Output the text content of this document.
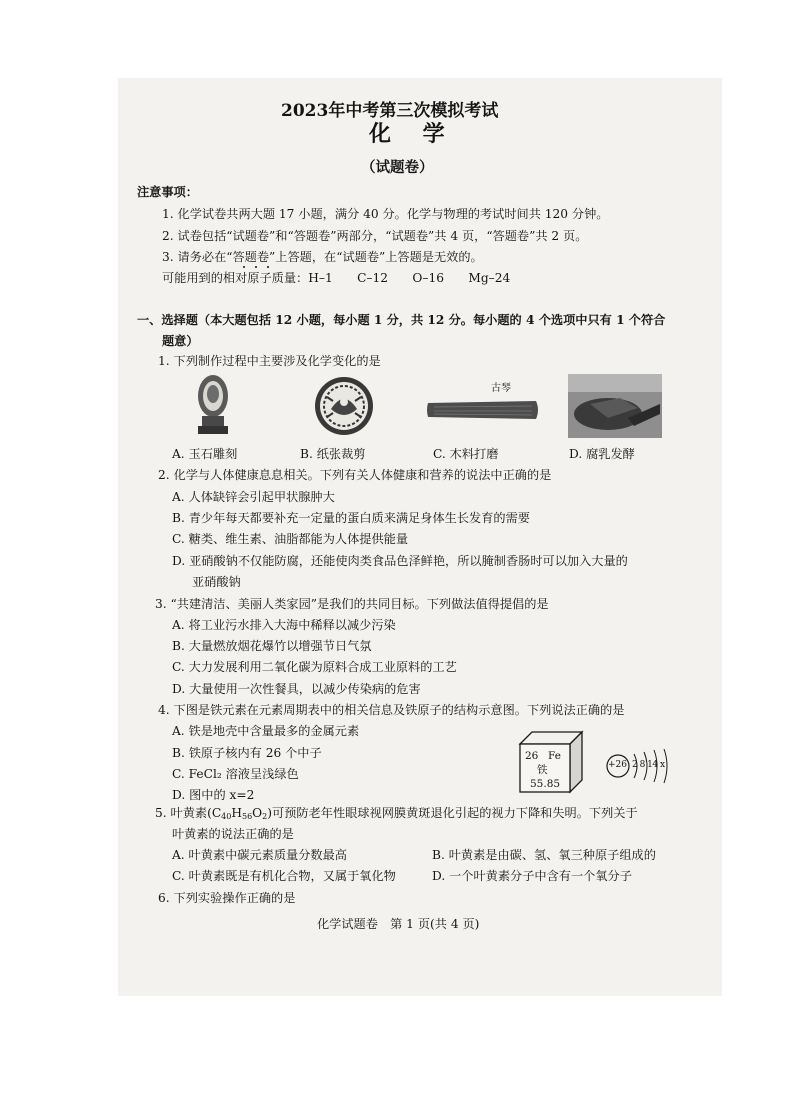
2023年中考第三次模拟考试
化 学
（试题卷）
注意事项：
1. 化学试卷共两大题 17 小题，满分 40 分。化学与物理的考试时间共 120 分钟。
2. 试卷包括“试题卷”和“答题卷”两部分，“试题卷”共 4 页，“答题卷”共 2 页。
3. 请务必在“答题卷”上答题，在“试题卷”上答题是无效的。
可能用到的相对原子质量：H–1　　C–12　　O–16　　Mg–24
一、选择题（本大题包括 12 小题，每小题 1 分，共 12 分。每小题的 4 个选项中只有 1 个符合
题意）
1. 下列制作过程中主要涉及化学变化的是
古琴
A. 玉石雕刻	B. 纸张裁剪	C. 木料打磨	D. 腐乳发酵
2. 化学与人体健康息息相关。下列有关人体健康和营养的说法中正确的是
A. 人体缺锌会引起甲状腺肿大
B. 青少年每天都要补充一定量的蛋白质来满足身体生长发育的需要
C. 糖类、维生素、油脂都能为人体提供能量
D. 亚硝酸钠不仅能防腐，还能使肉类食品色泽鲜艳，所以腌制香肠时可以加入大量的
亚硝酸钠
3. “共建清洁、美丽人类家园”是我们的共同目标。下列做法值得提倡的是
A. 将工业污水排入大海中稀释以减少污染
B. 大量燃放烟花爆竹以增强节日气氛
C. 大力发展利用二氧化碳为原料合成工业原料的工艺
D. 大量使用一次性餐具，以减少传染病的危害
4. 下图是铁元素在元素周期表中的相关信息及铁原子的结构示意图。下列说法正确的是
A. 铁是地壳中含量最多的金属元素
B. 铁原子核内有 26 个中子
C. FeCl₂ 溶液呈浅绿色
D. 图中的 x=2
26 Fe
铁
55.85
+26 2 8 14 x
5. 叶黄素$(C_{40}H_{56}O_2)$可预防老年性眼球视网膜黄斑退化引起的视力下降和失明。下列关于
叶黄素的说法正确的是
A. 叶黄素中碳元素质量分数最高	B. 叶黄素是由碳、氢、氧三种原子组成的
C. 叶黄素既是有机化合物，又属于氧化物	D. 一个叶黄素分子中含有一个氧分子
6. 下列实验操作正确的是
化学试题卷　第 1 页(共 4 页)
